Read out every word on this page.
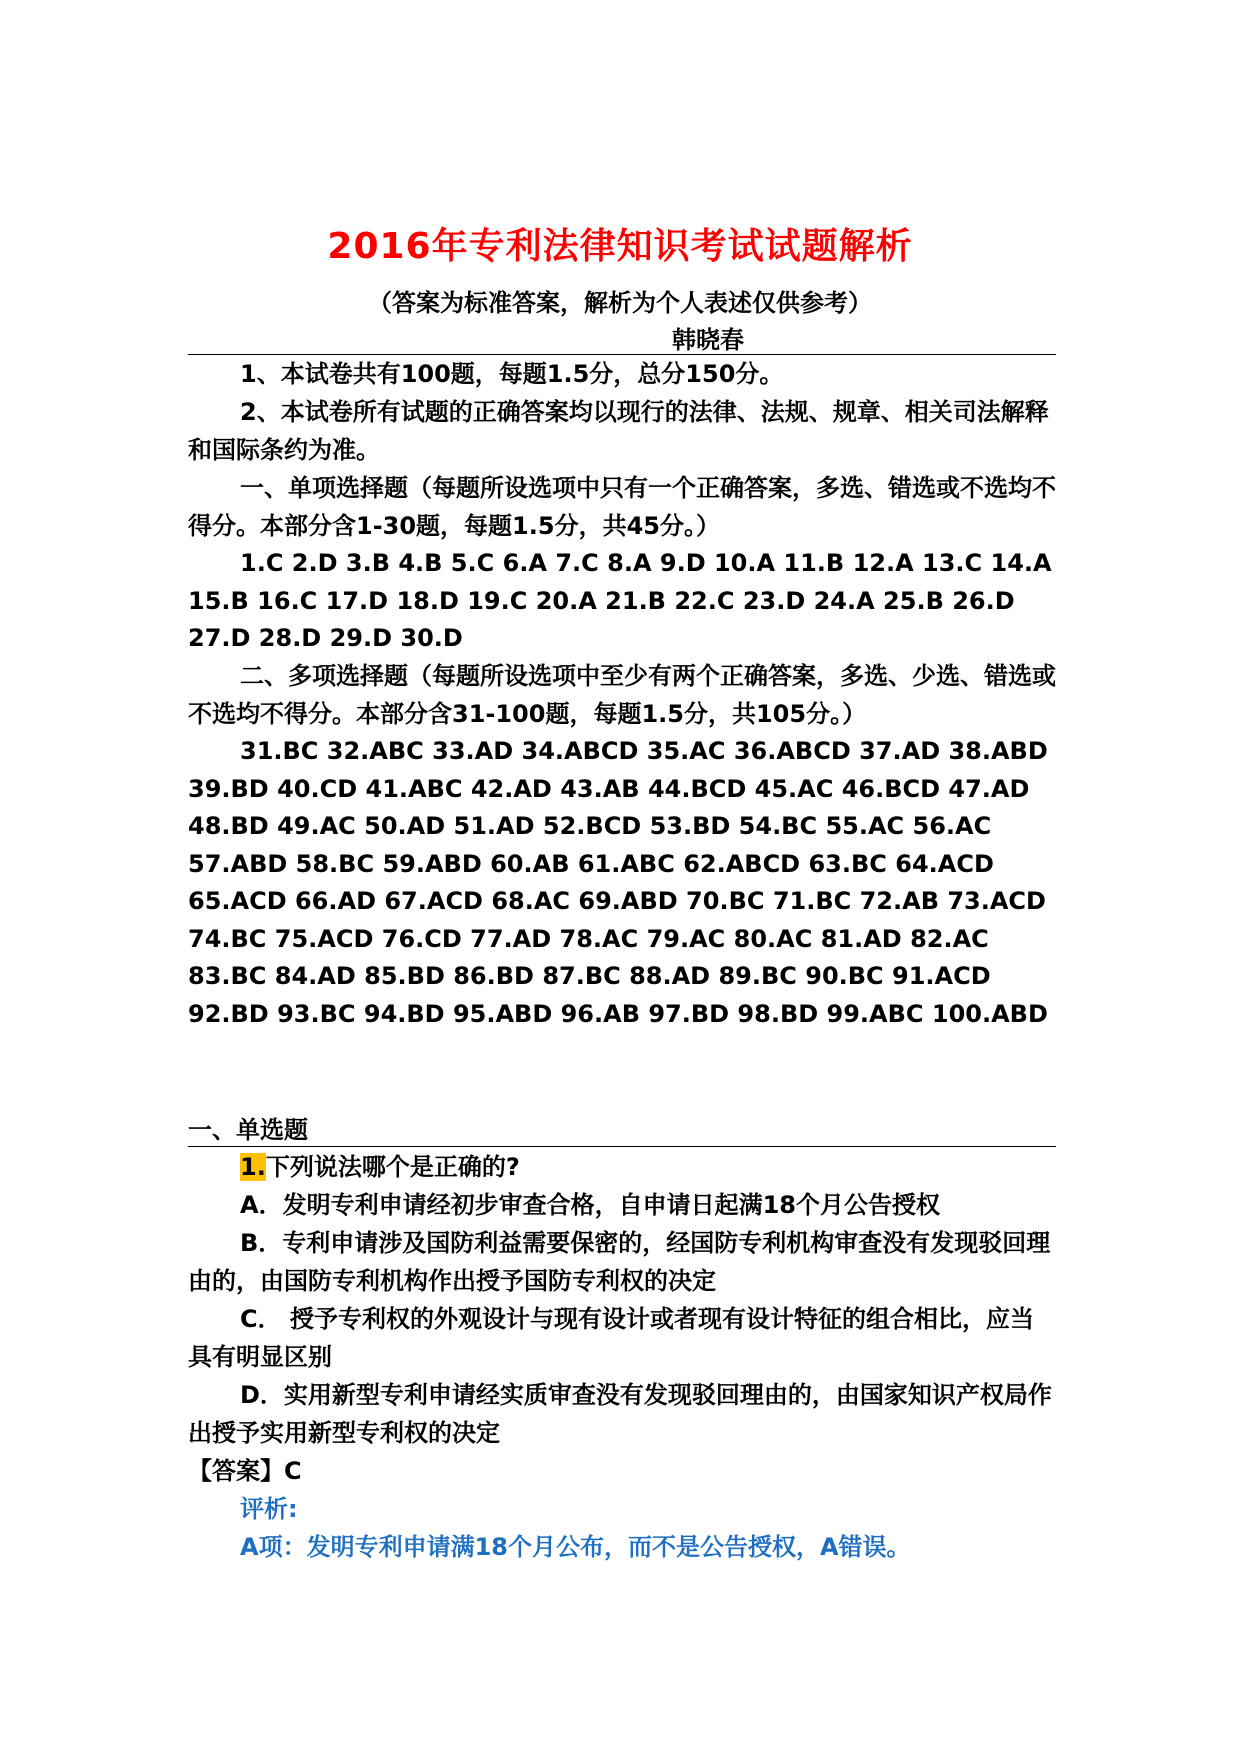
2016年专利法律知识考试试题解析
（答案为标准答案，解析为个人表述仅供参考）
韩晓春

1、本试卷共有100题，每题1.5分，总分150分。

2、本试卷所有试题的正确答案均以现行的法律、法规、规章、相关司法解释和国际条约为准。

一、单项选择题（每题所设选项中只有一个正确答案，多选、错选或不选均不得分。本部分含1-30题，每题1.5分，共45分。）

1.C 2.D 3.B 4.B 5.C 6.A 7.C 8.A 9.D 10.A 11.B 12.A 13.C 14.A 15.B 16.C 17.D 18.D 19.C 20.A 21.B 22.C 23.D 24.A 25.B 26.D 27.D 28.D 29.D 30.D

二、多项选择题（每题所设选项中至少有两个正确答案，多选、少选、错选或不选均不得分。本部分含31-100题，每题1.5分，共105分。）

31.BC 32.ABC 33.AD 34.ABCD 35.AC 36.ABCD 37.AD 38.ABD 39.BD 40.CD 41.ABC 42.AD 43.AB 44.BCD 45.AC 46.BCD 47.AD 48.BD 49.AC 50.AD 51.AD 52.BCD 53.BD 54.BC 55.AC 56.AC 57.ABD 58.BC 59.ABD 60.AB 61.ABC 62.ABCD 63.BC 64.ACD 65.ACD 66.AD 67.ACD 68.AC 69.ABD 70.BC 71.BC 72.AB 73.ACD 74.BC 75.ACD 76.CD 77.AD 78.AC 79.AC 80.AC 81.AD 82.AC 83.BC 84.AD 85.BD 86.BD 87.BC 88.AD 89.BC 90.BC 91.ACD 92.BD 93.BC 94.BD 95.ABD 96.AB 97.BD 98.BD 99.ABC 100.ABD

一、单选题

1.下列说法哪个是正确的?

A．发明专利申请经初步审查合格，自申请日起满18个月公告授权

B．专利申请涉及国防利益需要保密的，经国防专利机构审查没有发现驳回理由的，由国防专利机构作出授予国防专利权的决定

C． 授予专利权的外观设计与现有设计或者现有设计特征的组合相比，应当具有明显区别

D．实用新型专利申请经实质审查没有发现驳回理由的，由国家知识产权局作出授予实用新型专利权的决定

【答案】C

评析:

A项：发明专利申请满18个月公布，而不是公告授权，A错误。
